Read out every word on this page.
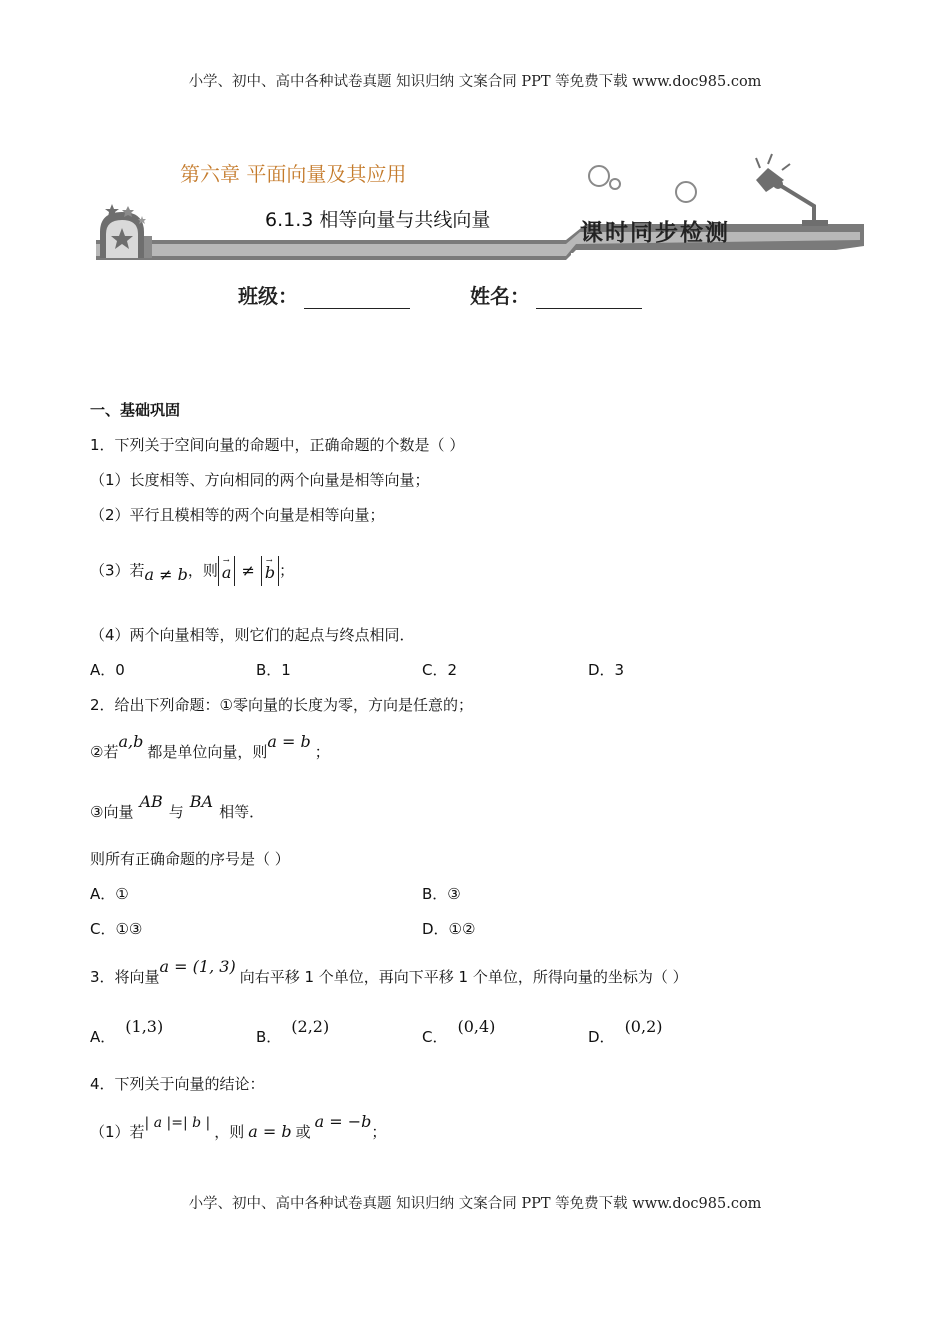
小学、初中、高中各种试卷真题 知识归纳 文案合同 PPT 等免费下载 www.doc985.com
第六章 平面向量及其应用
6.1.3 相等向量与共线向量	课时同步检测
班级：	姓名：
一、基础巩固
1．下列关于空间向量的命题中，正确命题的个数是（ ）
（1）长度相等、方向相同的两个向量是相等向量；
（2）平行且模相等的两个向量是相等向量；
（3）若a ≠ b，则 → a ≠ → b ；
（4）两个向量相等，则它们的起点与终点相同．
A．0	B．1	C．2	D．3
2．给出下列命题：①零向量的长度为零，方向是任意的；
②若a,b都是单位向量，则a = b；
③向量AB与BA相等．
则所有正确命题的序号是（ ）
A．①	B．③
C．①③	D．①②
3．将向量a = (1, 3)向右平移 1 个单位，再向下平移 1 个单位，所得向量的坐标为（ ）
A．(1,3)
B．(2,2)
C．(0,4)
D．(0,2)
4．下列关于向量的结论：
（1）若| a |=| b | ，则 a = b 或a = −b；
小学、初中、高中各种试卷真题 知识归纳 文案合同 PPT 等免费下载 www.doc985.com
